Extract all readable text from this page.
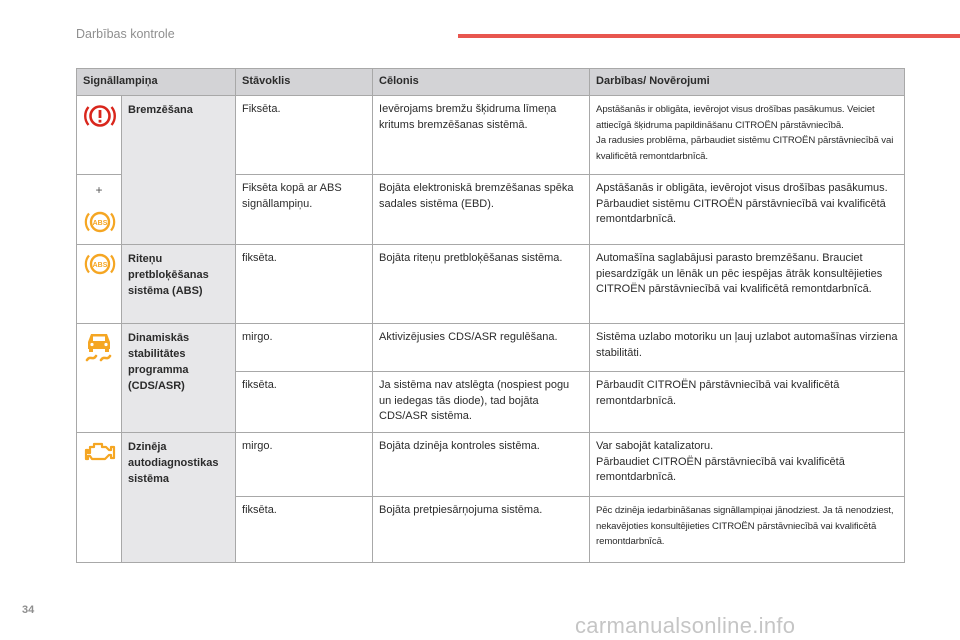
Darbības kontrole
Signāllampiņa		Stāvoklis	Cēlonis	Darbības/ Novērojumi

	Bremzēšana	Fiksēta.	Ievērojams bremžu šķidruma līmeņa kritums bremzēšanas sistēmā.	Apstāšanās ir obligāta, ievērojot visus drošības pasākumus. Veiciet attiecīgā šķidruma papildināšanu CITROËN pārstāvniecībā.
Ja radusies problēma, pārbaudiet sistēmu CITROËN pārstāvniecībā vai kvalificētā remontdarbnīcā.

+
ABS		Fiksēta kopā ar ABS signāllampiņu.	Bojāta elektroniskā bremzēšanas spēka sadales sistēma (EBD).	Apstāšanās ir obligāta, ievērojot visus drošības pasākumus.
Pārbaudiet sistēmu CITROËN pārstāvniecībā vai kvalificētā remontdarbnīcā.

ABS	Riteņu pretbloķēšanas sistēma (ABS)	fiksēta.	Bojāta riteņu pretbloķēšanas sistēma.	Automašīna saglabājusi parasto bremzēšanu. Brauciet piesardzīgāk un lēnāk un pēc iespējas ātrāk konsultējieties CITROËN pārstāvniecībā vai kvalificētā remontdarbnīcā.

	Dinamiskās stabilitātes programma (CDS/ASR)	mirgo.	Aktivizējusies CDS/ASR regulēšana.	Sistēma uzlabo motoriku un ļauj uzlabot automašīnas virziena stabilitāti.
		fiksēta.	Ja sistēma nav atslēgta (nospiest pogu un iedegas tās diode), tad bojāta CDS/ASR sistēma.	Pārbaudīt CITROËN pārstāvniecībā vai kvalificētā remontdarbnīcā.

	Dzinēja autodiagnostikas sistēma	mirgo.	Bojāta dzinēja kontroles sistēma.	Var sabojāt katalizatoru.
Pārbaudiet CITROËN pārstāvniecībā vai kvalificētā remontdarbnīcā.
		fiksēta.	Bojāta pretpiesārņojuma sistēma.	Pēc dzinēja iedarbināšanas signāllampiņai jānodziest. Ja tā nenodziest, nekavējoties konsultējieties CITROËN pārstāvniecībā vai kvalificētā remontdarbnīcā.
34
carmanualsonline.info
